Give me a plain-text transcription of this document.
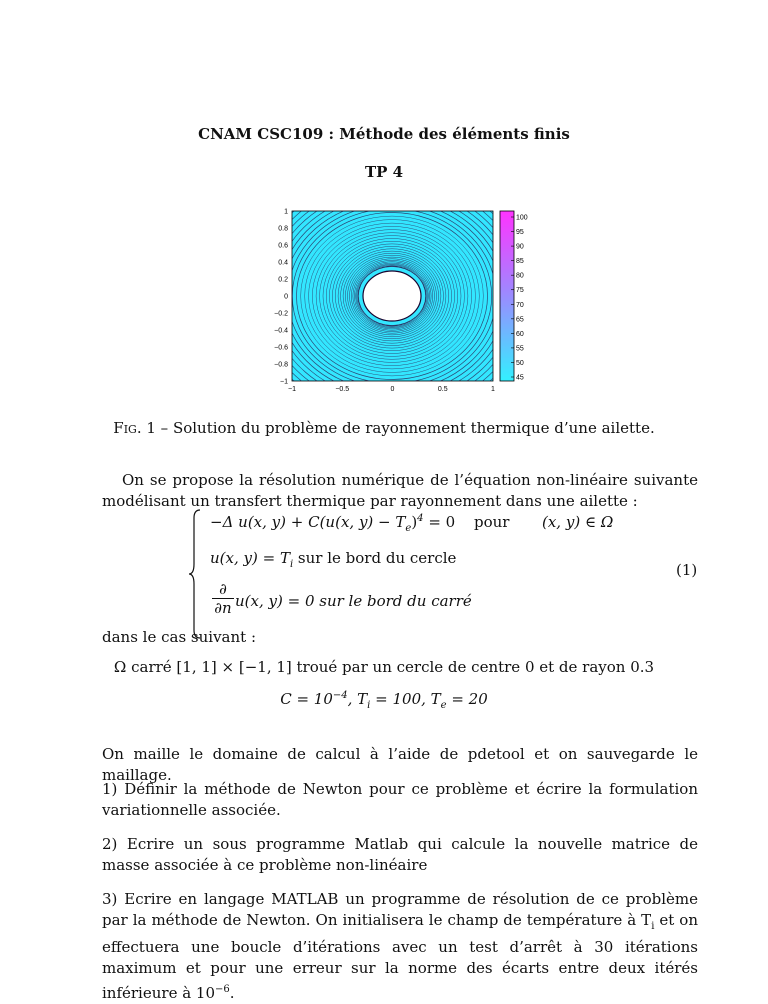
CNAM CSC109 : Méthode des éléments finis
TP 4
1
0.8
0.6
0.4
0.2
0
−0.2
−0.4
−0.6
−0.8
−1
−1	−0.5	0	0.5	1
100
95
90
85
80
75
70
65
60
55
50
45
Fig. 1 – Solution du problème de rayonnement thermique d’une ailette.
On se propose la résolution numérique de l’équation non-linéaire suivante modélisant un transfert thermique par rayonnement dans une ailette :
−Δ u(x, y) + C(u(x, $y) - T_e)^4 = 0$ pour (x, y) ∈ Ω
u(x, $y) = T_i$ sur le bord du cercle
(1)
∂
∂n u(x, y) = 0 sur le bord du carré
dans le cas suivant :
Ω carré [1, 1] × [−1, 1] troué par un cercle de centre 0 et de rayon 0.3
$C = 10^{-4}$, $T_i = 100$, $T_e = 20$
On maille le domaine de calcul à l’aide de pdetool et on sauvegarde le maillage.
1) Définir la méthode de Newton pour ce problème et écrire la formulation variationnelle associée.
2) Ecrire un sous programme Matlab qui calcule la nouvelle matrice de masse associée à ce problème non-linéaire
3) Ecrire en langage MATLAB un programme de résolution de ce problème par la méthode de Newton. On initialisera le champ de température à $T_i$ et on effectuera une boucle d’itérations avec un test d’arrêt à 30 itérations maximum et pour une erreur sur la norme des écarts entre deux itérés inférieure à $10^{-6}$.
